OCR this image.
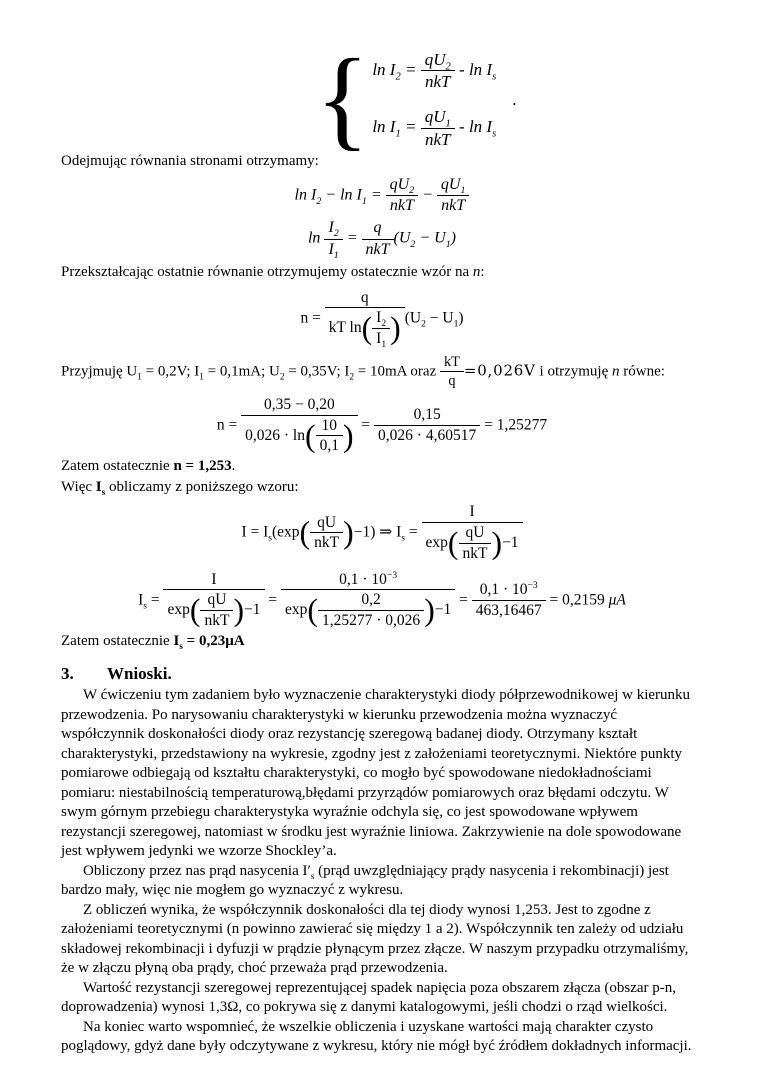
{ $\ln I_2 = \frac{qU_2}{\text{nkT}} - \ln I_s$
$\ln I_1 = \frac{qU_1}{\text{nkT}} - \ln I_s$
.
Odejmując równania stronami otrzymamy:
$\ln I_2 - \ln I_1 = \frac{qU_2}{\text{nkT}} - \frac{qU_1}{\text{nkT}}$
$\ln \frac{I_2}{I_1} = \frac{q}{\text{nkT}} (U_2 - U_1)$
Przekształcając ostatnie równanie otrzymujemy ostatecznie wzór na n:
$n = \frac{q}{kT \ln( \frac{I_2}{I_1} )} (U_2 - U_1)$
Przyjmuję $U_1 = 0,2V$; $I_1 = 0,1mA$; $U_2 = 0,35V$; $I_2 = 10mA$ oraz $\frac{kT}{q} =0,026V$ i otrzymuję n równe:
$n = \frac{0,35 - 0,20}{0,026 \cdot \ln( \frac{10}{0,1} )} = \frac{0,15}{0,026 \cdot 4,60517} = 1,25277$
Zatem ostatecznie n = 1,253.
Więc $I_s$ obliczamy z poniższego wzoru:
$I = I_s(\exp( \frac{qU}{\text{nkT}} )-1)$ ⇒ $I_s = \frac{I}{\exp( \frac{qU}{\text{nkT}} )-1}$
$I_s = \frac{I}{\exp( \frac{qU}{\text{nkT}} )-1} = \frac{0,1 \cdot 10^{-3}}{\exp( \frac{0,2}{1,25277 \cdot 0,026} )-1} = \frac{0,1 \cdot 10^{-3}}{463,16467} = 0,2159$ μA
Zatem ostatecznie $I_s = 0,23\mu A$
3. Wnioski.

W ćwiczeniu tym zadaniem było wyznaczenie charakterystyki diody półprzewodnikowej w kierunku przewodzenia. Po narysowaniu charakterystyki w kierunku przewodzenia można wyznaczyć współczynnik doskonałości diody oraz rezystancję szeregową badanej diody. Otrzymany kształt charakterystyki, przedstawiony na wykresie, zgodny jest z założeniami teoretycznymi. Niektóre punkty pomiarowe odbiegają od kształtu charakterystyki, co mogło być spowodowane niedokładnościami pomiaru: niestabilnością temperaturową,błędami przyrządów pomiarowych oraz błędami odczytu. W swym górnym przebiegu charakterystyka wyraźnie odchyla się, co jest spowodowane wpływem rezystancji szeregowej, natomiast w środku jest wyraźnie liniowa. Zakrzywienie na dole spowodowane jest wpływem jedynki we wzorze Shockley’a.

Obliczony przez nas prąd nasycenia $I'_s$ (prąd uwzględniający prądy nasycenia i rekombinacji) jest bardzo mały, więc nie mogłem go wyznaczyć z wykresu.

Z obliczeń wynika, że współczynnik doskonałości dla tej diody wynosi 1,253. Jest to zgodne z założeniami teoretycznymi (n powinno zawierać się między 1 a 2). Współczynnik ten zależy od udziału składowej rekombinacji i dyfuzji w prądzie płynącym przez złącze. W naszym przypadku otrzymaliśmy, że w złączu płyną oba prądy, choć przeważa prąd przewodzenia.

Wartość rezystancji szeregowej reprezentującej spadek napięcia poza obszarem złącza (obszar p-n, doprowadzenia) wynosi 1,3Ω, co pokrywa się z danymi katalogowymi, jeśli chodzi o rząd wielkości.

Na koniec warto wspomnieć, że wszelkie obliczenia i uzyskane wartości mają charakter czysto poglądowy, gdyż dane były odczytywane z wykresu, który nie mógł być źródłem dokładnych informacji.
